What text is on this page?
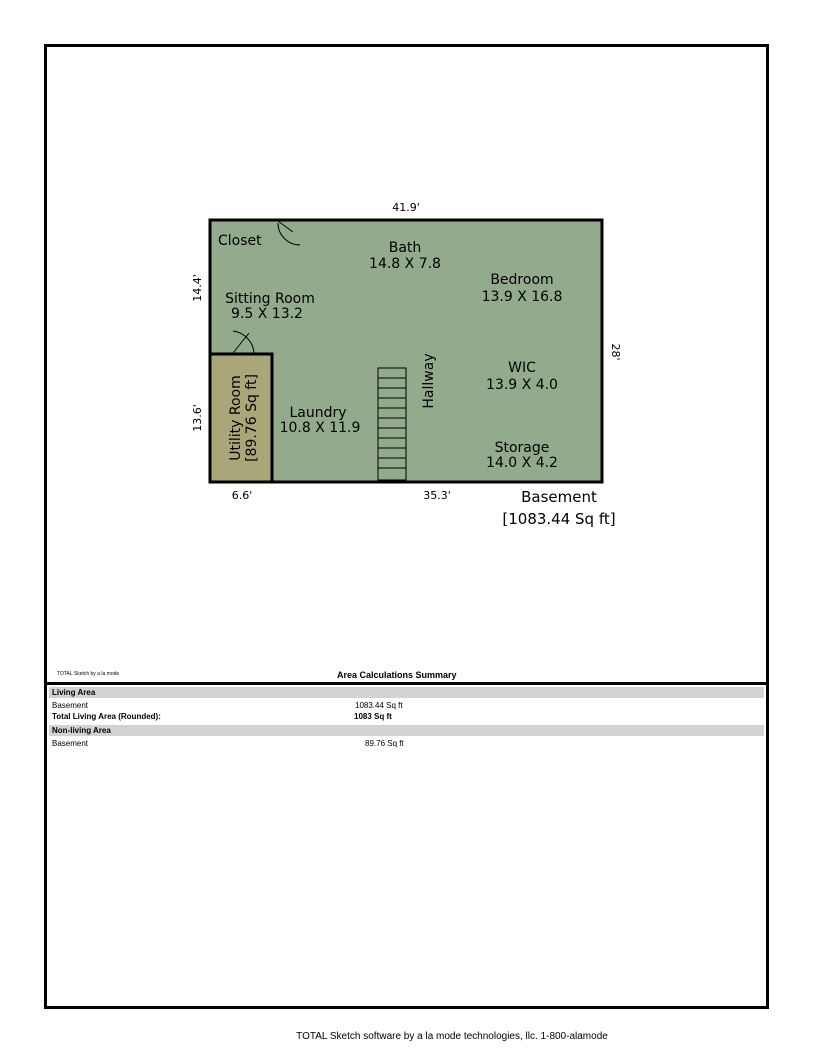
41.9'
14.4'
13.6'
28'
6.6'	35.3'
Closet	Bath
14.8 X 7.8
Bedroom
13.9 X 16.8
Sitting Room
9.5 X 13.2
WIC
13.9 X 4.0
Hallway
Laundry
10.8 X 11.9
Storage
14.0 X 4.2
Utility Room [89.76 Sq ft]
Basement
[1083.44 Sq ft]
TOTAL Sketch by a la mode	Area Calculations Summary
Living Area
Basement	1083.44 Sq ft
Total Living Area (Rounded):	1083 Sq ft
Non-living Area
Basement	89.76 Sq ft
TOTAL Sketch software by a la mode technologies, llc. 1-800-alamode
